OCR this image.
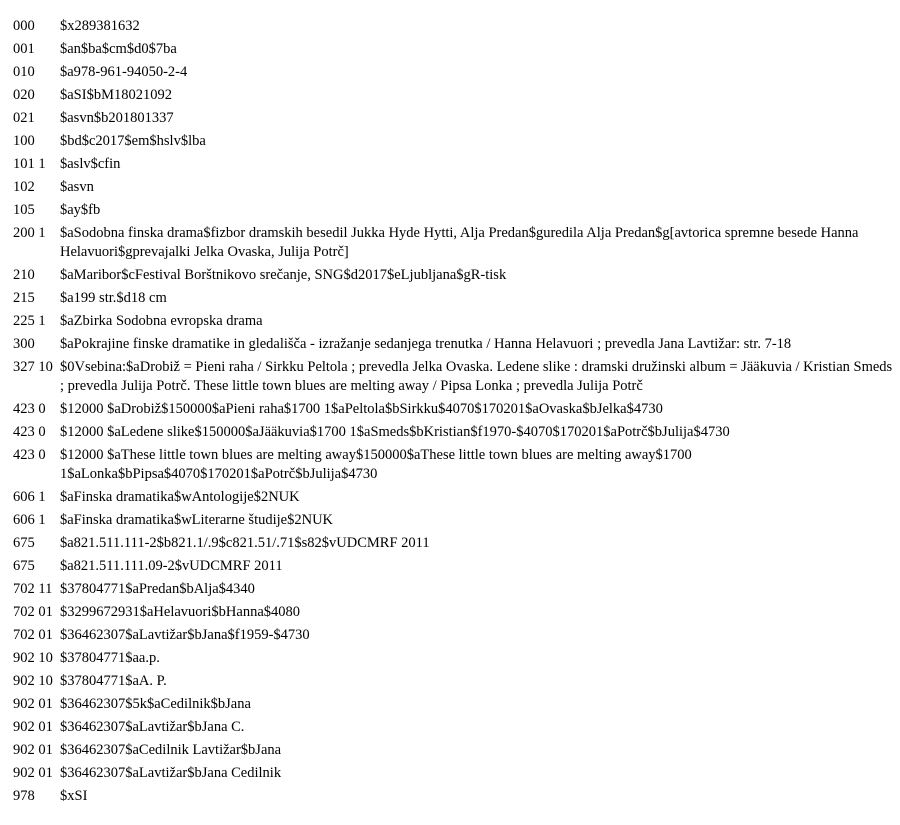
000	$x289381632
001	$an$ba$cm$d0$7ba
010	$a978-961-94050-2-4
020	$aSI$bM18021092
021	$asvn$b201801337
100	$bd$c2017$em$hslv$lba
101 1 $aslv$cfin
102	$asvn
105	$ay$fb
200 1 $aSodobna finska drama$fizbor dramskih besedil Jukka Hyde Hytti, Alja Predan$guredila Alja Predan$g[avtorica spremne besede Hanna Helavuori$gprevajalki Jelka Ovaska, Julija Potrč]
210	$aMaribor$cFestival Borštnikovo srečanje, SNG$d2017$eLjubljana$gR-tisk
215	$a199 str.$d18 cm
225 1 $aZbirka Sodobna evropska drama
300	$aPokrajine finske dramatike in gledališča - izražanje sedanjega trenutka / Hanna Helavuori ; prevedla Jana Lavtižar: str. 7-18
327 10 $0Vsebina:$aDrobiž = Pieni raha / Sirkku Peltola ; prevedla Jelka Ovaska. Ledene slike : dramski družinski album = Jääkuvia / Kristian Smeds ; prevedla Julija Potrč. These little town blues are melting away / Pipsa Lonka ; prevedla Julija Potrč
423 0 $12000 $aDrobiž$150000$aPieni raha$1700 1$aPeltola$bSirkku$4070$170201$aOvaska$bJelka$4730
423 0 $12000 $aLedene slike$150000$aJääkuvia$1700 1$aSmeds$bKristian$f1970-$4070$170201$aPotrč$bJulija$4730
423 0 $12000 $aThese little town blues are melting away$150000$aThese little town blues are melting away$1700 1$aLonka$bPipsa$4070$170201$aPotrč$bJulija$4730
606 1 $aFinska dramatika$wAntologije$2NUK
606 1 $aFinska dramatika$wLiterarne študije$2NUK
675	$a821.511.111-2$b821.1/.9$c821.51/.71$s82$vUDCMRF 2011
675	$a821.511.111.09-2$vUDCMRF 2011
702 11 $37804771$aPredan$bAlja$4340
702 01 $3299672931$aHelavuori$bHanna$4080
702 01 $36462307$aLavtižar$bJana$f1959-$4730
902 10 $37804771$aa.p.
902 10 $37804771$aA. P.
902 01 $36462307$5k$aCedilnik$bJana
902 01 $36462307$aLavtižar$bJana C.
902 01 $36462307$aCedilnik Lavtižar$bJana
902 01 $36462307$aLavtižar$bJana Cedilnik
978	$xSI
